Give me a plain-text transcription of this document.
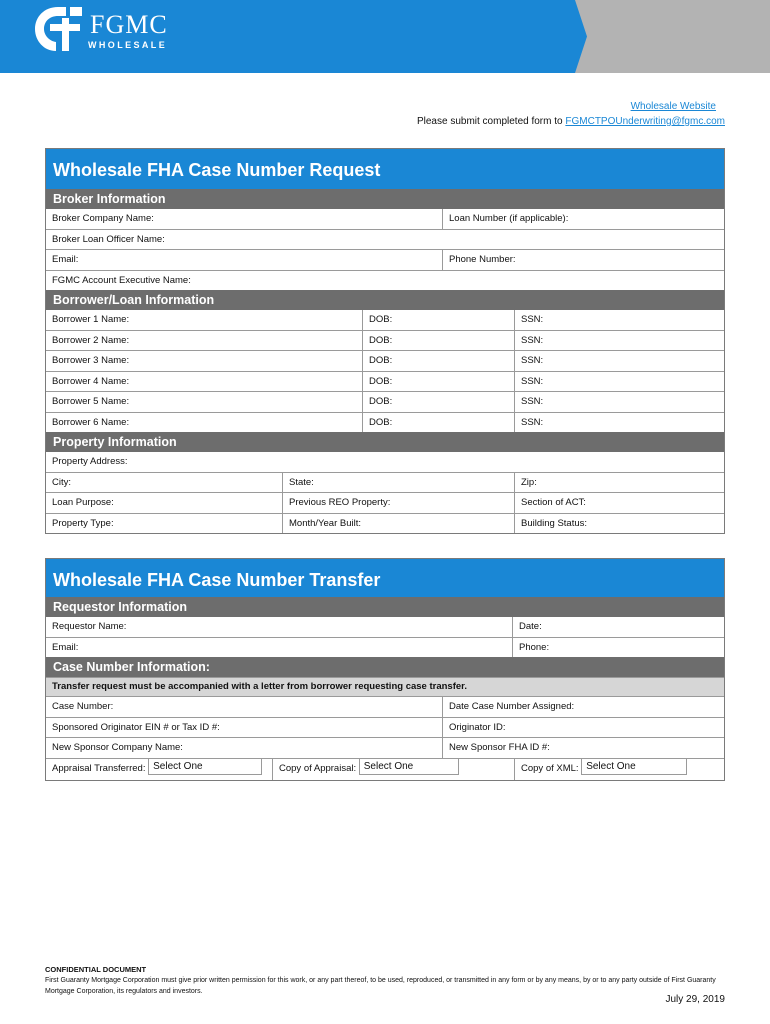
FGMC
WHOLESALE
Wholesale Website
Please submit completed form to FGMCTPOUnderwriting@fgmc.com
Wholesale FHA Case Number Request
Broker Information
Broker Company Name:	Loan Number (if applicable):
Broker Loan Officer Name:
Email:	Phone Number:
FGMC Account Executive Name:
Borrower/Loan Information
Borrower 1 Name:	DOB:	SSN:
Borrower 2 Name:	DOB:	SSN:
Borrower 3 Name:	DOB:	SSN:
Borrower 4 Name:	DOB:	SSN:
Borrower 5 Name:	DOB:	SSN:
Borrower 6 Name:	DOB:	SSN:
Property Information
Property Address:
City:	State:	Zip:
Loan Purpose:	Previous REO Property:	Section of ACT:
Property Type:	Month/Year Built:	Building Status:
Wholesale FHA Case Number Transfer
Requestor Information
Requestor Name:	Date:
Email:	Phone:
Case Number Information:
Transfer request must be accompanied with a letter from borrower requesting case transfer.
Case Number:	Date Case Number Assigned:
Sponsored Originator EIN # or Tax ID #:	Originator ID:
New Sponsor Company Name:	New Sponsor FHA ID #:
Appraisal Transferred: Select One	Copy of Appraisal: Select One	Copy of XML: Select One
CONFIDENTIAL DOCUMENT
First Guaranty Mortgage Corporation must give prior written permission for this work, or any part thereof, to be used, reproduced, or transmitted in any form or by any means, by or to any party outside of First Guaranty Mortgage Corporation, its regulators and investors.
July 29, 2019
